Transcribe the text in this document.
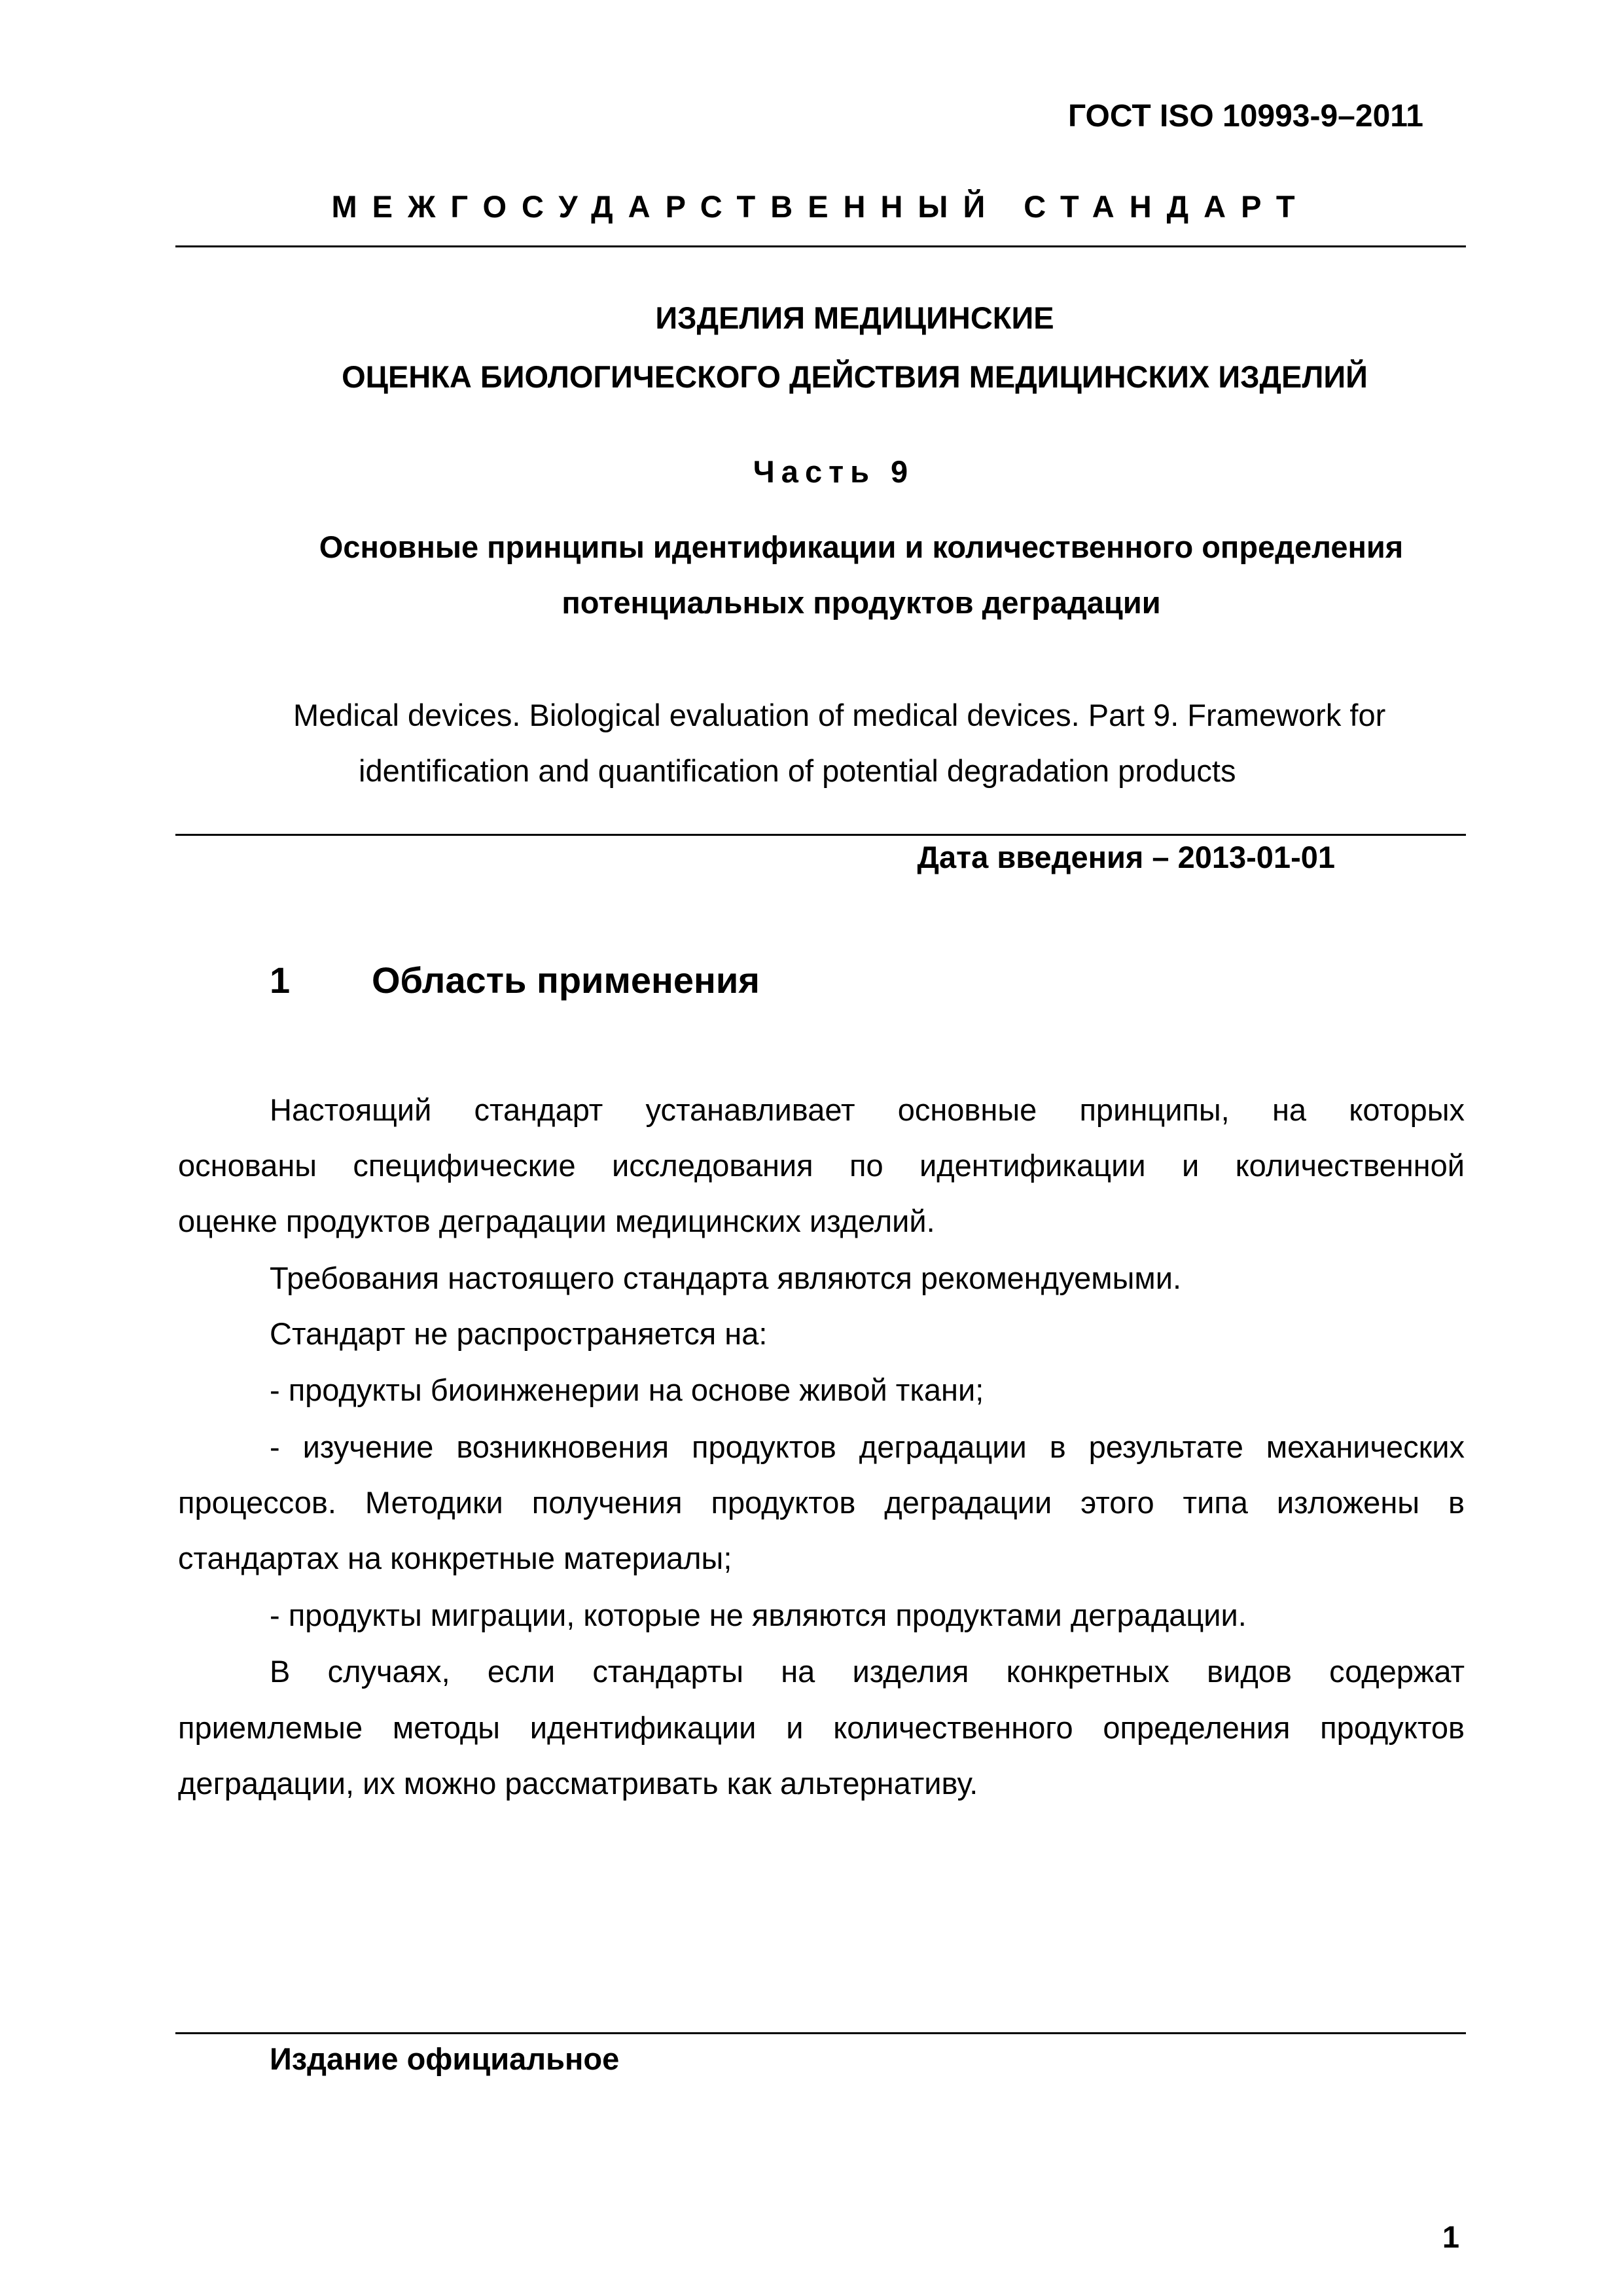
ГОСТ ISO 10993-9–2011
МЕЖГОСУДАРСТВЕННЫЙ СТАНДАРТ
ИЗДЕЛИЯ МЕДИЦИНСКИЕ
ОЦЕНКА БИОЛОГИЧЕСКОГО ДЕЙСТВИЯ МЕДИЦИНСКИХ ИЗДЕЛИЙ
Часть 9
Основные принципы идентификации и количественного определения
потенциальных продуктов деградации
Medical devices. Biological evaluation of medical devices. Part 9. Framework for
identification and quantification of potential degradation products
Дата введения – 2013-01-01
1 Область применения
Настоящий стандарт устанавливает основные принципы, на которых
основаны специфические исследования по идентификации и количественной
оценке продуктов деградации медицинских изделий.
Требования настоящего стандарта являются рекомендуемыми.
Стандарт не распространяется на:
- продукты биоинженерии на основе живой ткани;
- изучение возникновения продуктов деградации в результате механических
процессов. Методики получения продуктов деградации этого типа изложены в
стандартах на конкретные материалы;
- продукты миграции, которые не являются продуктами деградации.
В случаях, если стандарты на изделия конкретных видов содержат
приемлемые методы идентификации и количественного определения продуктов
деградации, их можно рассматривать как альтернативу.
Издание официальное
1
